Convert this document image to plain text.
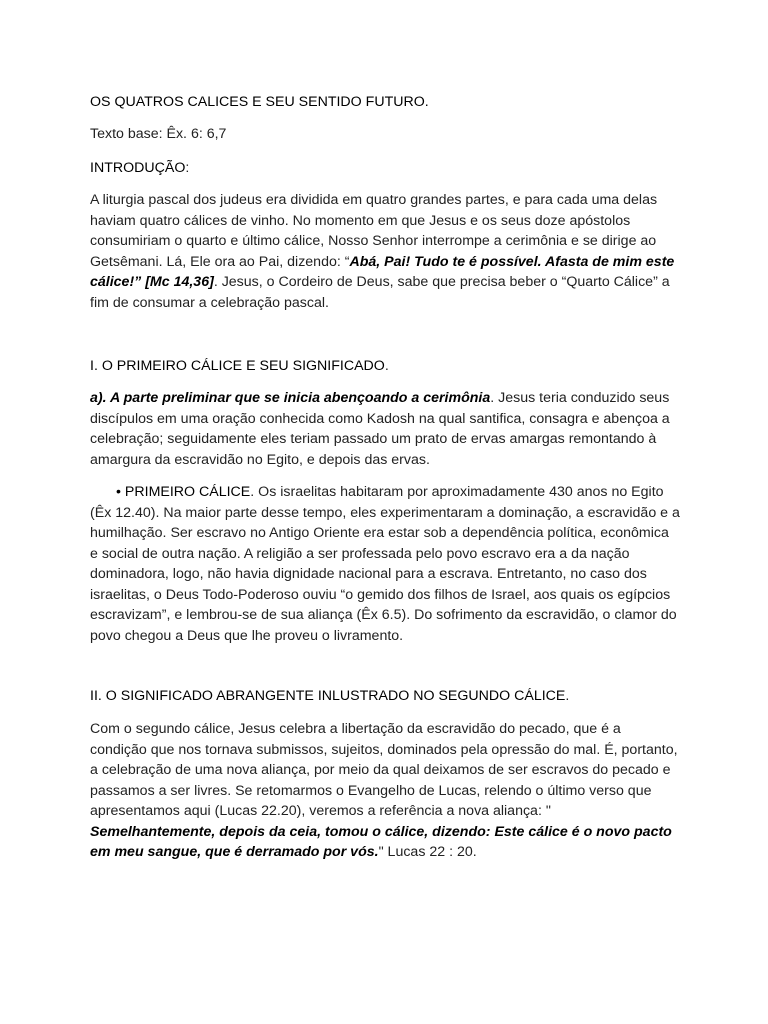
OS QUATROS CALICES E SEU SENTIDO FUTURO.

Texto base: Êx. 6: 6,7

INTRODUÇÃO:

A liturgia pascal dos judeus era dividida em quatro grandes partes, e para cada uma delas haviam quatro cálices de vinho. No momento em que Jesus e os seus doze apóstolos consumiriam o quarto e último cálice, Nosso Senhor interrompe a cerimônia e se dirige ao Getsêmani. Lá, Ele ora ao Pai, dizendo: “Abá, Pai! Tudo te é possível. Afasta de mim este cálice!” [Mc 14,36]. Jesus, o Cordeiro de Deus, sabe que precisa beber o “Quarto Cálice” a fim de consumar a celebração pascal.

I. O PRIMEIRO CÁLICE E SEU SIGNIFICADO.

a). A parte preliminar que se inicia abençoando a cerimônia. Jesus teria conduzido seus discípulos em uma oração conhecida como Kadosh na qual santifica, consagra e abençoa a celebração; seguidamente eles teriam passado um prato de ervas amargas remontando à amargura da escravidão no Egito, e depois das ervas.

• PRIMEIRO CÁLICE. Os israelitas habitaram por aproximadamente 430 anos no Egito (Êx 12.40). Na maior parte desse tempo, eles experimentaram a dominação, a escravidão e a humilhação. Ser escravo no Antigo Oriente era estar sob a dependência política, econômica e social de outra nação. A religião a ser professada pelo povo escravo era a da nação dominadora, logo, não havia dignidade nacional para a escrava. Entretanto, no caso dos israelitas, o Deus Todo-Poderoso ouviu “o gemido dos filhos de Israel, aos quais os egípcios escravizam”, e lembrou-se de sua aliança (Êx 6.5). Do sofrimento da escravidão, o clamor do povo chegou a Deus que lhe proveu o livramento.

II. O SIGNIFICADO ABRANGENTE INLUSTRADO NO SEGUNDO CÁLICE.

Com o segundo cálice, Jesus celebra a libertação da escravidão do pecado, que é a condição que nos tornava submissos, sujeitos, dominados pela opressão do mal. É, portanto, a celebração de uma nova aliança, por meio da qual deixamos de ser escravos do pecado e passamos a ser livres. Se retomarmos o Evangelho de Lucas, relendo o último verso que apresentamos aqui (Lucas 22.20), veremos a referência a nova aliança: " Semelhantemente, depois da ceia, tomou o cálice, dizendo: Este cálice é o novo pacto em meu sangue, que é derramado por vós." Lucas 22 : 20.
